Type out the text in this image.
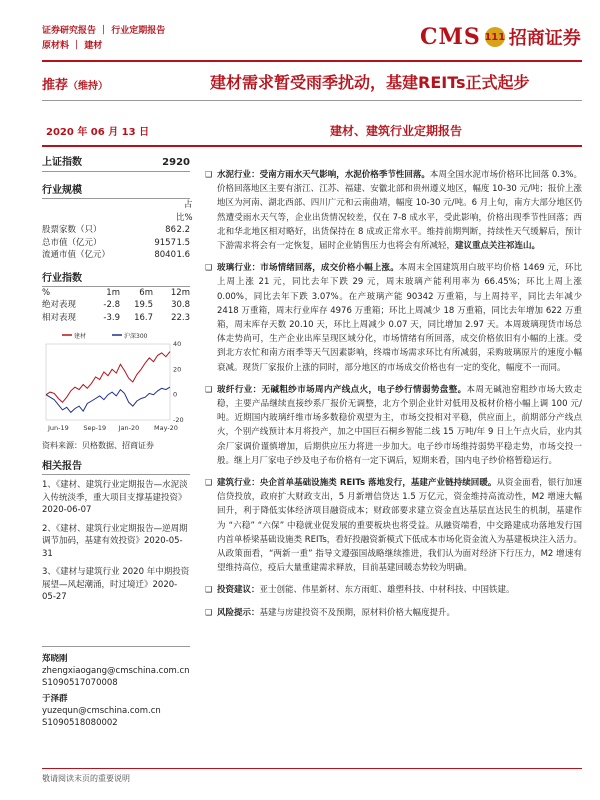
证券研究报告 ｜ 行业定期报告
原材料 ｜ 建材	CMS 111 招商证券
推荐（维持）	建材需求暂受雨季扰动，基建REITs正式起步
2020 年 06 月 13 日	建材、建筑行业定期报告
上证指数	2920
行业规模
占比%
股票家数（只）	86 2.2
总市值（亿元）	9157 1.5
流通市值（亿元）	8040 1.6
行业指数
%	1m	6m	12m
绝对表现	-2.8	19.5	30.8
相对表现	-3.9	16.7	22.3
建材	沪深300
40
20
0
-20
Jun-19 Sep-19 Jan-20 May-20
资料来源：贝格数据、招商证券
相关报告
1、《建材、建筑行业定期报告—水泥淡入传统淡季，重大项目支撑基建投资》2020-06-07
2、《建材、建筑行业定期报告—逆周期调节加码，基建有效投资》2020-05-31
3、《建材与建筑行业 2020 年中期投资展望—风起潮涌，时过境迁》2020-05-27
郑晓刚
zhengxiaogang@cmschina.com.cn
S1090517070008
于泽群
yuzequn@cmschina.com.cn
S1090518080002
❑ 水泥行业：受南方雨水天气影响，水泥价格季节性回落。本周全国水泥市场价格环比回落 0.3%。价格回落地区主要有浙江、江苏、福建、安徽北部和贵州遵义地区，幅度 10-30 元/吨；报价上涨地区为河南、湖北西部、四川广元和云南曲靖，幅度 10-30 元/吨。6 月上旬，南方大部分地区仍然遭受雨水天气等，企业出货情况较差，仅在 7-8 成水平，受此影响，价格出现季节性回落；西北和华北地区相对略好，出货保持在 8 成或正常水平。维持前期判断，持续性天气缓解后，预计下游需求将会有一定恢复，届时企业销售压力也将会有所减轻，建议重点关注祁连山。
❑ 玻璃行业：市场情绪回落，成交价格小幅上涨。本周末全国建筑用白玻平均价格 1469 元，环比上周上涨 21 元，同比去年下跌 29 元，周末玻璃产能利用率为 66.45%；环比上周上涨 0.00%，同比去年下跌 3.07%。在产玻璃产能 90342 万重箱，与上周持平，同比去年减少 2418 万重箱，周末行业库存 4976 万重箱；环比上周减少 18 万重箱，同比去年增加 622 万重箱，周末库存天数 20.10 天，环比上周减少 0.07 天，同比增加 2.97 天。本周玻璃现货市场总体走势尚可，生产企业出库呈现区域分化，市场情绪有所回落，成交价格依旧有小幅的上涨。受到北方农忙和南方雨季等天气因素影响，终端市场需求环比有所减弱，采购玻璃原片的速度小幅衰减。现货厂家报价上涨的同时，部分地区的市场成交价格也有一定的变化，幅度不一而同。
❑ 玻纤行业：无碱粗纱市场周内产线点火，电子纱行情弱势盘整。本周无碱池窑粗纱市场大致走稳，主要产品继续直接纱系厂报价无调整，北方个别企业针对低用及板材价格小幅上调 100 元/吨。近期国内玻璃纤维市场多数稳价观望为主，市场交投相对平稳，供应面上，前期部分产线点火，个别产线预计本月将投产，加之中国巨石桐乡智能二线 15 万吨/年 9 日上午点火后，业内其余厂家调价谨慎增加，后期供应压力将进一步加大。电子纱市场维持弱势平稳走势，市场交投一般。继上月厂家电子纱及电子布价格有一定下调后，短期来看，国内电子纱价格暂稳运行。
❑ 建筑行业：央企首单基础设施类 REITs 落地发行，基建产业链持续回暖。从资金面看，银行加速信贷投放，政府扩大财政支出，5 月新增信贷达 1.5 万亿元，资金维持高流动性，M2 增速大幅回升，利于降低实体经济项目融资成本；财政部要求建立资金直达基层直达民生的机制，基建作为 “六稳” “六保” 中稳就业促发展的重要板块也将受益。从融资端看，中交路建成功落地发行国内首单桥梁基础设施类 REITs，看好投融资新模式下低成本市场化资金流入为基建板块注入活力。从政策面看，“两新一重” 指导文遵强国战略继续推进，我们认为面对经济下行压力，M2 增速有望维持高位，疫后大量重建需求释放，目前基建回暖态势较为明确。
❑ 投资建议：亚士创能、伟星新材、东方雨虹、雄塑科技、中材科技、中国铁建。
❑ 风险提示：基建与房建投资不及预期，原材料价格大幅度提升。
敬请阅读末页的重要说明
